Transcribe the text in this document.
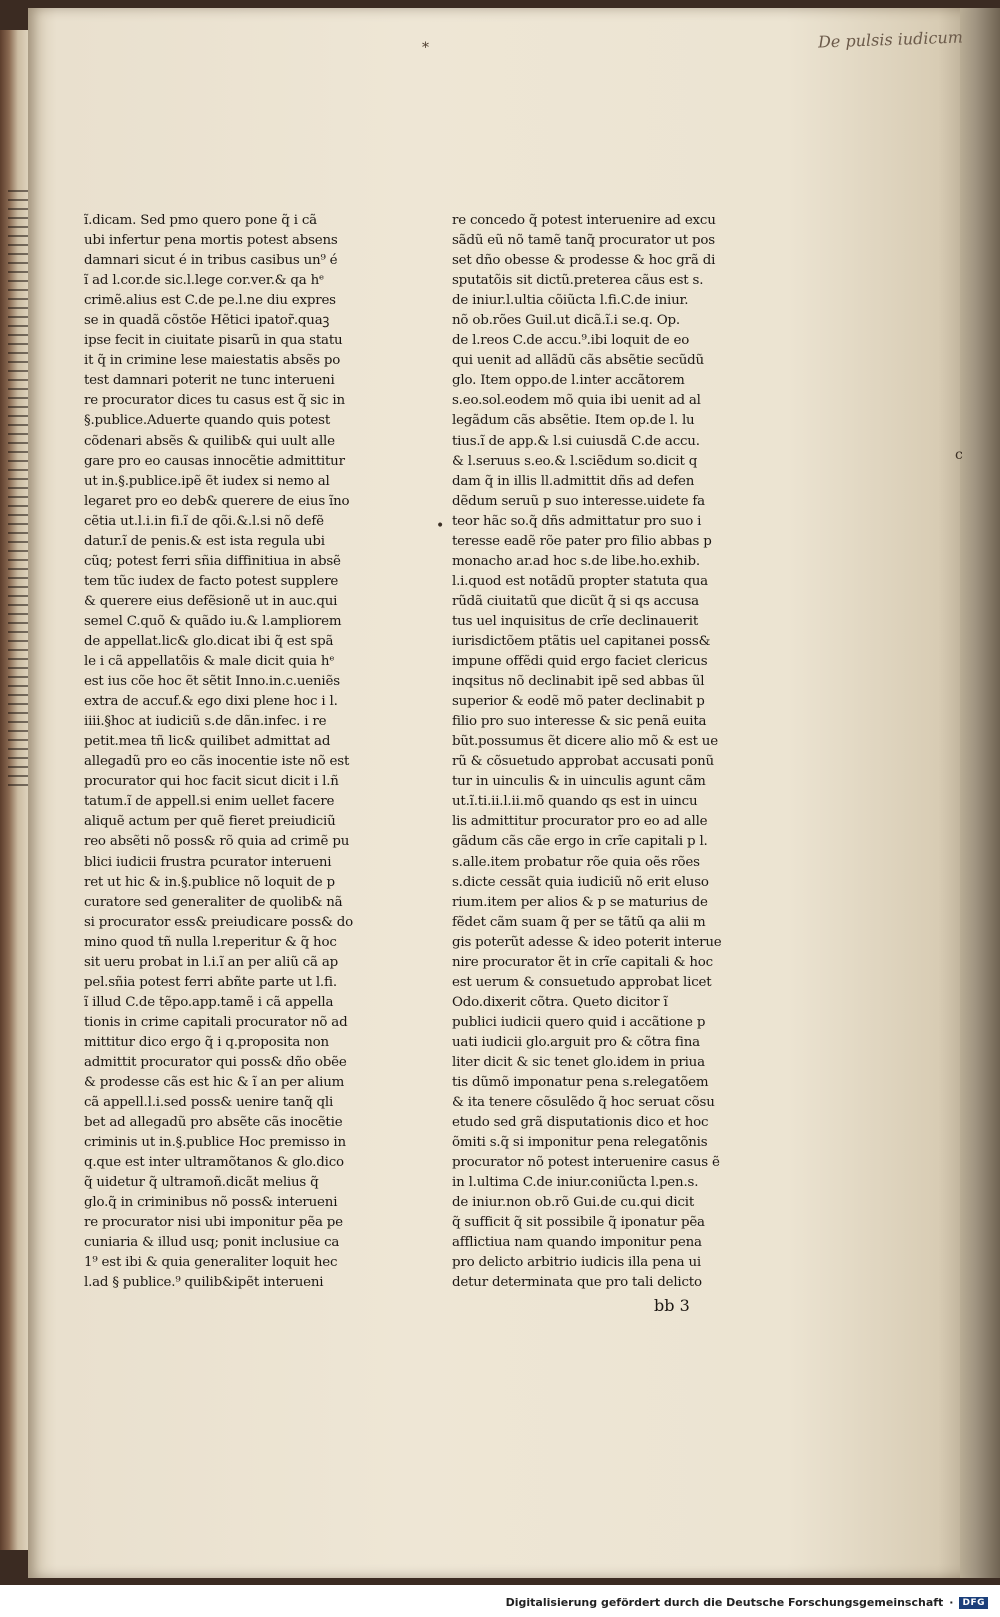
*	De pulsis iudicum
ĩ.dicam. Sed pmo quero pone q̃ i cã
ubi infertur pena mortis potest absens
damnari sicut é in tribus casibus un⁹ é
ĩ ad l.cor.de sic.l.lege cor.ver.& qa hᵉ
crimẽ.alius est C.de pe.l.ne diu expres
se in quadã cõstõe Hẽtici ipator̃.quaꝫ
ipse fecit in ciuitate pisarũ in qua statu
it q̃ in crimine lese maiestatis absẽs po
test damnari poterit ne tunc interueni
re procurator dices tu casus est q̃ sic in
§.publice.Aduerte quando quis potest
cõdenari absẽs & quilib& qui uult alle
gare pro eo causas innocẽtie admittitur
ut in.§.publice.ipẽ ẽt iudex si nemo al
legaret pro eo deb& querere de eius ĩno
cẽtia ut.l.i.in fi.ĩ de qõi.&.l.si nõ defẽ
datur.ĩ de penis.& est ista regula ubi
cũq; potest ferri sñia diffinitiua in absẽ
tem tũc iudex de facto potest supplere
& querere eius defẽsionẽ ut in auc.qui
semel C.quõ & quãdo iu.& l.ampliorem
de appellat.lic& glo.dicat ibi q̃ est spã
le i cã appellatõis & male dicit quia hᵉ
est ius cõe hoc ẽt sẽtit Inno.in.c.ueniẽs
extra de accuf.& ego dixi plene hoc i l.
iiii.§hoc at iudiciũ s.de dãn.infec. i re
petit.mea tñ lic& quilibet admittat ad
allegadũ pro eo cãs inocentie iste nõ est
procurator qui hoc facit sicut dicit i l.ñ
tatum.ĩ de appell.si enim uellet facere
aliquẽ actum per quẽ fieret preiudiciũ
reo absẽti nõ poss& rõ quia ad crimẽ pu
blici iudicii frustra pcurator interueni
ret ut hic & in.§.publice nõ loquit de p
curatore sed generaliter de quolib& nã
si procurator ess& preiudicare poss& do
mino quod tñ nulla l.reperitur & q̃ hoc
sit ueru probat in l.i.ĩ an per aliũ cã ap
pel.sñia potest ferri abñte parte ut l.fi.
ĩ illud C.de tẽpo.app.tamẽ i cã appella
tionis in crime capitali procurator nõ ad
mittitur dico ergo q̃ i q.proposita non
admittit procurator qui poss& dño obẽe
& prodesse cãs est hic & ĩ an per alium
cã appell.l.i.sed poss& uenire tanq̃ qli
bet ad allegadũ pro absẽte cãs inocẽtie
criminis ut in.§.publice Hoc premisso in
q.que est inter ultramõtanos & glo.dico
q̃ uidetur q̃ ultramoñ.dicãt melius q̃
glo.q̃ in criminibus nõ poss& interueni
re procurator nisi ubi imponitur pẽa pe
cuniaria & illud usq; ponit inclusiue ca
1⁹ est ibi & quia generaliter loquit hec
l.ad § publice.⁹ quilib&ipẽt interueni
re concedo q̃ potest interuenire ad excu
sãdũ eũ nõ tamẽ tanq̃ procurator ut pos
set dño obesse & prodesse & hoc grã di
sputatõis sit dictũ.preterea cãus est s.
de iniur.l.ultia cõiũcta l.fi.C.de iniur.
nõ ob.rões Guil.ut dicã.ĩ.i se.q. Op.
de l.reos C.de accu.⁹.ibi loquit de eo
qui uenit ad allãdũ cãs absẽtie secũdũ
glo. Item oppo.de l.inter accãtorem
s.eo.sol.eodem mõ quia ibi uenit ad al
legãdum cãs absẽtie. Item op.de l. lu
tius.ĩ de app.& l.si cuiusdã C.de accu.
& l.seruus s.eo.& l.sciẽdum so.dicit q
dam q̃ in illis ll.admittit dñs ad defen
dẽdum seruũ p suo interesse.uidete fa
teor hãc so.q̃ dñs admittatur pro suo i
teresse eadẽ rõe pater pro filio abbas p
monacho ar.ad hoc s.de libe.ho.exhib.
l.i.quod est notãdũ propter statuta qua
rũdã ciuitatũ que dicũt q̃ si qs accusa
tus uel inquisitus de crĩe declinauerit
iurisdictõem ptãtis uel capitanei poss&
impune offẽdi quid ergo faciet clericus
inqsitus nõ declinabit ipẽ sed abbas ũl
superior & eodẽ mõ pater declinabit p
filio pro suo interesse & sic penã euita
bũt.possumus ẽt dicere alio mõ & est ue
rũ & cõsuetudo approbat accusati ponũ
tur in uinculis & in uinculis agunt cãm
ut.ĩ.ti.ii.l.ii.mõ quando qs est in uincu
lis admittitur procurator pro eo ad alle
gãdum cãs cãe ergo in crĩe capitali p l.
s.alle.item probatur rõe quia oẽs rões
s.dicte cessãt quia iudiciũ nõ erit eluso
rium.item per alios & p se maturius de
fẽdet cãm suam q̃ per se tãtũ qa alii m
gis poterũt adesse & ideo poterit interue
nire procurator ẽt in crĩe capitali & hoc
est uerum & consuetudo approbat licet
Odo.dixerit cõtra. Queto dicitor ĩ
publici iudicii quero quid i accãtione p
uati iudicii glo.arguit pro & cõtra fina
liter dicit & sic tenet glo.idem in priua
tis dũmõ imponatur pena s.relegatõem
& ita tenere cõsulẽdo q̃ hoc seruat cõsu
etudo sed grã disputationis dico et hoc
õmiti s.q̃ si imponitur pena relegatõnis
procurator nõ potest interuenire casus ẽ
in l.ultima C.de iniur.coniũcta l.pen.s.
de iniur.non ob.rõ Gui.de cu.qui dicit
q̃ sufficit q̃ sit possibile q̃ iponatur pẽa
afflictiua nam quando imponitur pena
pro delicto arbitrio iudicis illa pena ui
detur determinata que pro tali delicto
•
c
bb 3
Digitalisierung gefördert durch die Deutsche Forschungsgemeinschaft ·	DFG
